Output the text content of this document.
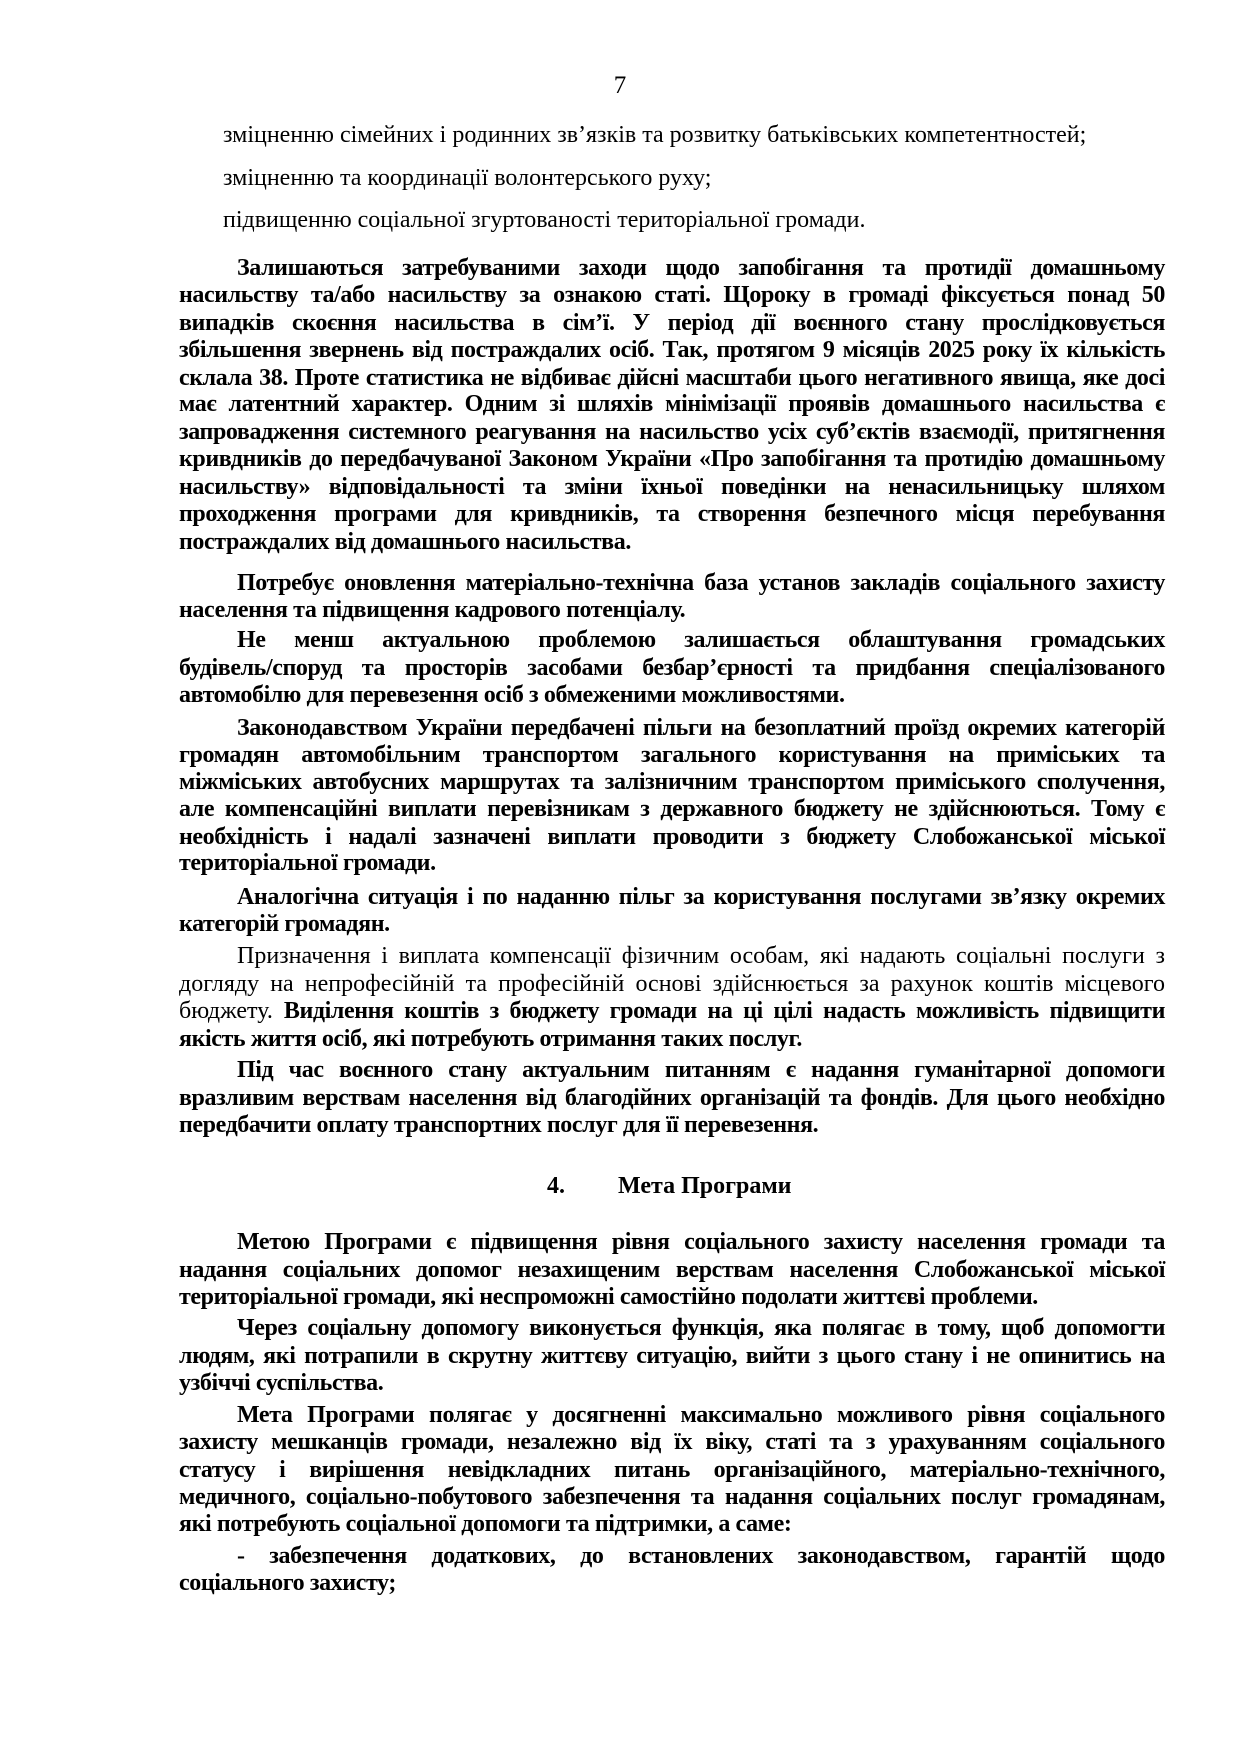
7
зміцненню сімейних і родинних зв’язків та розвитку батьківських компетентностей;
зміцненню та координації волонтерського руху;
підвищенню соціальної згуртованості територіальної громади.
Залишаються затребуваними заходи щодо запобігання та протидії домашньому
насильству та/або насильству за ознакою статі. Щороку в громаді фіксується понад 50
випадків скоєння насильства в сім’ї. У період дії воєнного стану прослідковується
збільшення звернень від постраждалих осіб. Так, протягом 9 місяців 2025 року їх кількість
склала 38. Проте статистика не відбиває дійсні масштаби цього негативного явища, яке досі
має латентний характер. Одним зі шляхів мінімізації проявів домашнього насильства є
запровадження системного реагування на насильство усіх суб’єктів взаємодії, притягнення
кривдників до передбачуваної Законом України «Про запобігання та протидію домашньому
насильству» відповідальності та зміни їхньої поведінки на ненасильницьку шляхом
проходження програми для кривдників, та створення безпечного місця перебування
постраждалих від домашнього насильства.
Потребує оновлення матеріально-технічна база установ закладів соціального захисту
населення та підвищення кадрового потенціалу.
Не менш актуальною проблемою залишається облаштування громадських
будівель/споруд та просторів засобами безбар’єрності та придбання спеціалізованого
автомобілю для перевезення осіб з обмеженими можливостями.
Законодавством України передбачені пільги на безоплатний проїзд окремих категорій
громадян автомобільним транспортом загального користування на приміських та
міжміських автобусних маршрутах та залізничним транспортом приміського сполучення,
але компенсаційні виплати перевізникам з державного бюджету не здійснюються. Тому є
необхідність і надалі зазначені виплати проводити з бюджету Слобожанської міської
територіальної громади.
Аналогічна ситуація і по наданню пільг за користування послугами зв’язку окремих
категорій громадян.
Призначення і виплата компенсації фізичним особам, які надають соціальні послуги з
догляду на непрофесійній та професійній основі здійснюється за рахунок коштів місцевого
бюджету. Виділення коштів з бюджету громади на ці цілі надасть можливість підвищити
якість життя осіб, які потребують отримання таких послуг.
Під час воєнного стану актуальним питанням є надання гуманітарної допомоги
вразливим верствам населення від благодійних організацій та фондів. Для цього необхідно
передбачити оплату транспортних послуг для її перевезення.
Метою Програми є підвищення рівня соціального захисту населення громади та
надання соціальних допомог незахищеним верствам населення Слобожанської міської
територіальної громади, які неспроможні самостійно подолати життєві проблеми.
Через соціальну допомогу виконується функція, яка полягає в тому, щоб допомогти
людям, які потрапили в скрутну життєву ситуацію, вийти з цього стану і не опинитись на
узбіччі суспільства.
Мета Програми полягає у досягненні максимально можливого рівня соціального
захисту мешканців громади, незалежно від їх віку, статі та з урахуванням соціального
статусу і вирішення невідкладних питань організаційного, матеріально-технічного,
медичного, соціально-побутового забезпечення та надання соціальних послуг громадянам,
які потребують соціальної допомоги та підтримки, а саме:
- забезпечення додаткових, до встановлених законодавством, гарантій щодо
соціального захисту;
4. Мета Програми
